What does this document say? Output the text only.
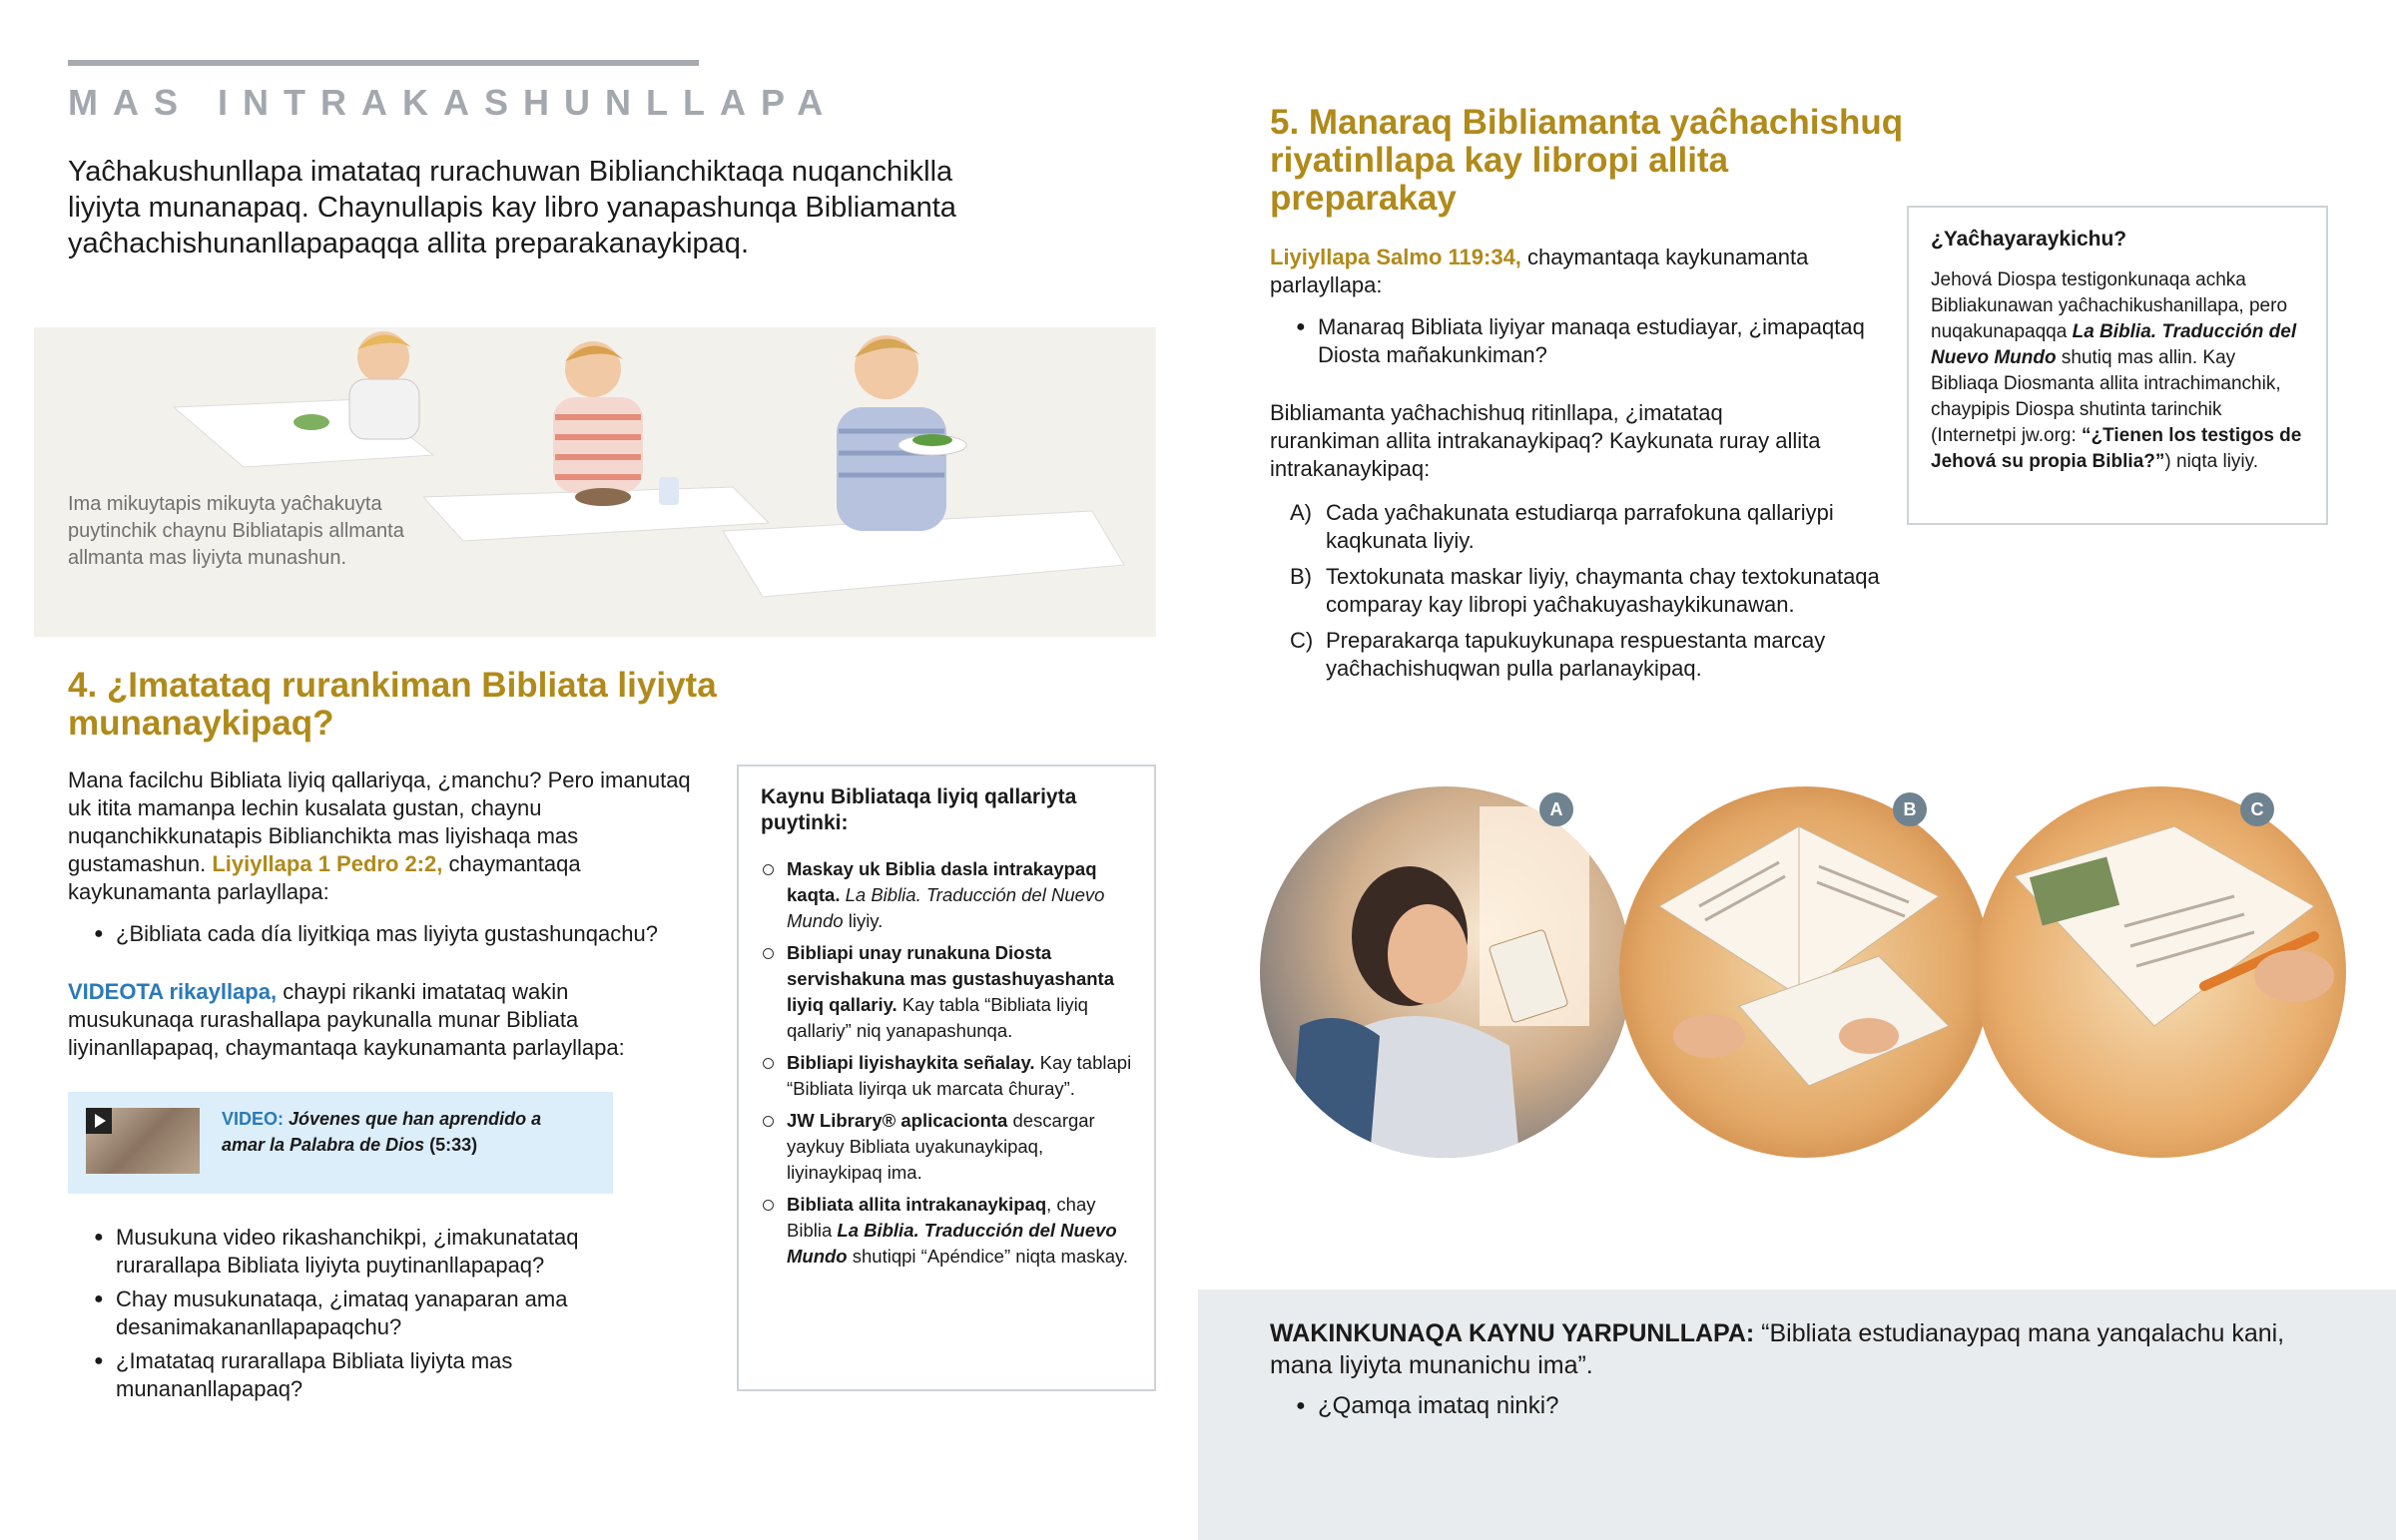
MAS INTRAKASHUNLLAPA
Yaĉhakushunllapa imatataq rurachuwan Biblianchiktaqa nuqanchiklla liyiyta munanapaq. Chaynullapis kay libro yanapashunqa Bibliamanta yaĉhachishunanllapapaqqa allita preparakanaykipaq.
Ima mikuytapis mikuyta yaĉhakuyta puytinchik chaynu Bibliatapis allmanta allmanta mas liyiyta munashun.
4. ¿Imatataq rurankiman Bibliata liyiyta munanaykipaq?
Mana facilchu Bibliata liyiq qallariyqa, ¿manchu? Pero imanutaq uk itita mamanpa lechin kusalata gustan, chaynu nuqanchikkunatapis Biblianchikta mas liyishaqa mas gustamashun. Liyiyllapa 1 Pedro 2:2, chaymantaqa kaykunamanta parlayllapa:
● ¿Bibliata cada día liyitkiqa mas liyiyta gustashunqachu?
VIDEOTA rikayllapa, chaypi rikanki imatataq wakin musukunaqa rurashallapa paykunalla munar Bibliata liyinanllapapaq, chaymantaqa kaykunamanta parlayllapa:
VIDEO: Jóvenes que han aprendido a amar la Palabra de Dios (5:33)
● Musukuna video rikashanchikpi, ¿imakunatataq rurarallapa Bibliata liyiyta puytinanllapapaq?
● Chay musukunataqa, ¿imataq yanaparan ama desanimakananllapapaqchu?
● ¿Imatataq rurarallapa Bibliata liyiyta mas munananllapapaq?
Kaynu Bibliataqa liyiq qallariyta puytinki:
Maskay uk Biblia dasla intrakaypaq kaqta. La Biblia. Traducción del Nuevo Mundo liyiy.
Bibliapi unay runakuna Diosta servishakuna mas gustashuyashanta liyiq qallariy. Kay tabla “Bibliata liyiq qallariy” niq yanapashunqa.
Bibliapi liyishaykita señalay. Kay tablapi “Bibliata liyirqa uk marcata ĉhuray”.
JW Library® aplicacionta descargar yaykuy Bibliata uyakunaykipaq, liyinaykipaq ima.
Bibliata allita intrakanaykipaq, chay Biblia La Biblia. Traducción del Nuevo Mundo shutiqpi “Apéndice” niqta maskay.
5. Manaraq Bibliamanta yaĉhachishuq riyatinllapa kay libropi allita preparakay
Liyiyllapa Salmo 119:34, chaymantaqa kaykunamanta parlayllapa:
● Manaraq Bibliata liyiyar manaqa estudiayar, ¿imapaqtaq Diosta mañakunkiman?
Bibliamanta yaĉhachishuq ritinllapa, ¿imatataq rurankiman allita intrakanaykipaq? Kaykunata ruray allita intrakanaykipaq:
A) Cada yaĉhakunata estudiarqa parrafokuna qallariypi kaqkunata liyiy.
B) Textokunata maskar liyiy, chaymanta chay textokunataqa comparay kay libropi yaĉhakuyashaykikunawan.
C) Preparakarqa tapukuykunapa respuestanta marcay yaĉhachishuqwan pulla parlanaykipaq.
¿Yaĉhayaraykichu?
Jehová Diospa testigonkunaqa achka Bibliakunawan yaĉhachikushanillapa, pero nuqakunapaqqa La Biblia. Traducción del Nuevo Mundo shutiq mas allin. Kay Bibliaqa Diosmanta allita intrachimanchik, chaypipis Diospa shutinta tarinchik (Internetpi jw.org: “¿Tienen los testigos de Jehová su propia Biblia?”) niqta liyiy.
A	B	C
WAKINKUNAQA KAYNU YARPUNLLAPA: “Bibliata estudianaypaq mana yanqalachu kani, mana liyiyta munanichu ima”.
● ¿Qamqa imataq ninki?
